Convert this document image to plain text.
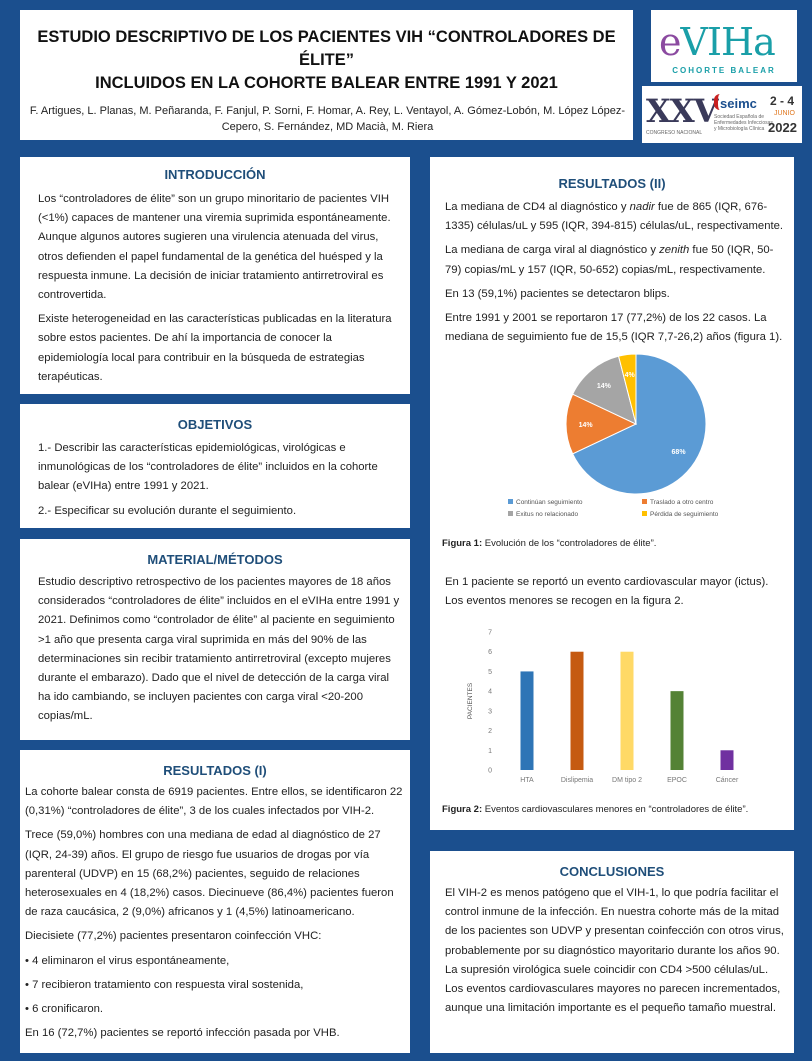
ESTUDIO DESCRIPTIVO DE LOS PACIENTES VIH “CONTROLADORES DE ÉLITE”
INCLUIDOS EN LA COHORTE BALEAR ENTRE 1991 Y 2021
F. Artigues, L. Planas, M. Peñaranda, F. Fanjul, P. Sorni, F. Homar, A. Rey, L. Ventayol, A. Gómez-Lobón, M. López López-
Cepero, S. Fernández, MD Macià, M. Riera
eVIHa
COHORTE BALEAR
XXV
CONGRESO NACIONAL
seimc
Sociedad Española de Enfermedades Infecciosas y Microbiología Clínica
2 - 4
JUNIO
2022
INTRODUCCIÓN

Los “controladores de élite” son un grupo minoritario de pacientes VIH (<1%) capaces de mantener una viremia suprimida espontáneamente. Aunque algunos autores sugieren una virulencia atenuada del virus, otros defienden el papel fundamental de la genética del huésped y la respuesta inmune. La decisión de iniciar tratamiento antirretroviral es controvertida.

Existe heterogeneidad en las características publicadas en la literatura sobre estos pacientes. De ahí la importancia de conocer la epidemiología local para contribuir en la búsqueda de estrategias terapéuticas.

OBJETIVOS

1.- Describir las características epidemiológicas, virológicas e inmunológicas de los “controladores de élite” incluidos en la cohorte balear (eVIHa) entre 1991 y 2021.

2.- Especificar su evolución durante el seguimiento.

MATERIAL/MÉTODOS

Estudio descriptivo retrospectivo de los pacientes mayores de 18 años considerados “controladores de élite” incluidos en el eVIHa entre 1991 y 2021. Definimos como “controlador de élite” al paciente en seguimiento >1 año que presenta carga viral suprimida en más del 90% de las determinaciones sin recibir tratamiento antirretroviral (excepto mujeres durante el embarazo). Dado que el nivel de detección de la carga viral ha ido cambiando, se incluyen pacientes con carga viral <20-200 copias/mL.

RESULTADOS (I)

La cohorte balear consta de 6919 pacientes. Entre ellos, se identificaron 22 (0,31%) “controladores de élite”, 3 de los cuales infectados por VIH-2.

Trece (59,0%) hombres con una mediana de edad al diagnóstico de 27 (IQR, 24-39) años. El grupo de riesgo fue usuarios de drogas por vía parenteral (UDVP) en 15 (68,2%) pacientes, seguido de relaciones heterosexuales en 4 (18,2%) casos. Diecinueve (86,4%) pacientes fueron de raza caucásica, 2 (9,0%) africanos y 1 (4,5%) latinoamericano.

Diecisiete (77,2%) pacientes presentaron coinfección VHC:

• 4 eliminaron el virus espontáneamente,
• 7 recibieron tratamiento con respuesta viral sostenida,
• 6 cronificaron.

En 16 (72,7%) pacientes se reportó infección pasada por VHB.

RESULTADOS (II)

La mediana de CD4 al diagnóstico y nadir fue de 865 (IQR, 676-1335) células/uL y 595 (IQR, 394-815) células/uL, respectivamente.

La mediana de carga viral al diagnóstico y zenith fue 50 (IQR, 50-79) copias/mL y 157 (IQR, 50-652) copias/mL, respectivamente.

En 13 (59,1%) pacientes se detectaron blips.

Entre 1991 y 2001 se reportaron 17 (77,2%) de los 22 casos. La mediana de seguimiento fue de 15,5 (IQR 7,7-26,2) años (figura 1).

68%
14%
14%
4%
Continúan seguimiento	Traslado a otro centro
Exitus no relacionado	Pérdida de seguimiento
Figura 1: Evolución de los “controladores de élite”.

En 1 paciente se reportó un evento cardiovascular mayor (ictus). Los eventos menores se recogen en la figura 2.

0
1
2
3
4
5
6
7
PACIENTES
HTA	Dislipemia	DM tipo 2	EPOC	Cáncer
Figura 2: Eventos cardiovasculares menores en “controladores de élite”.
CONCLUSIONES

El VIH-2 es menos patógeno que el VIH-1, lo que podría facilitar el control inmune de la infección. En nuestra cohorte más de la mitad de los pacientes son UDVP y presentan coinfección con otros virus, probablemente por su diagnóstico mayoritario durante los años 90. La supresión virológica suele coincidir con CD4 >500 células/uL. Los eventos cardiovasculares mayores no parecen incrementados, aunque una limitación importante es el pequeño tamaño muestral.
